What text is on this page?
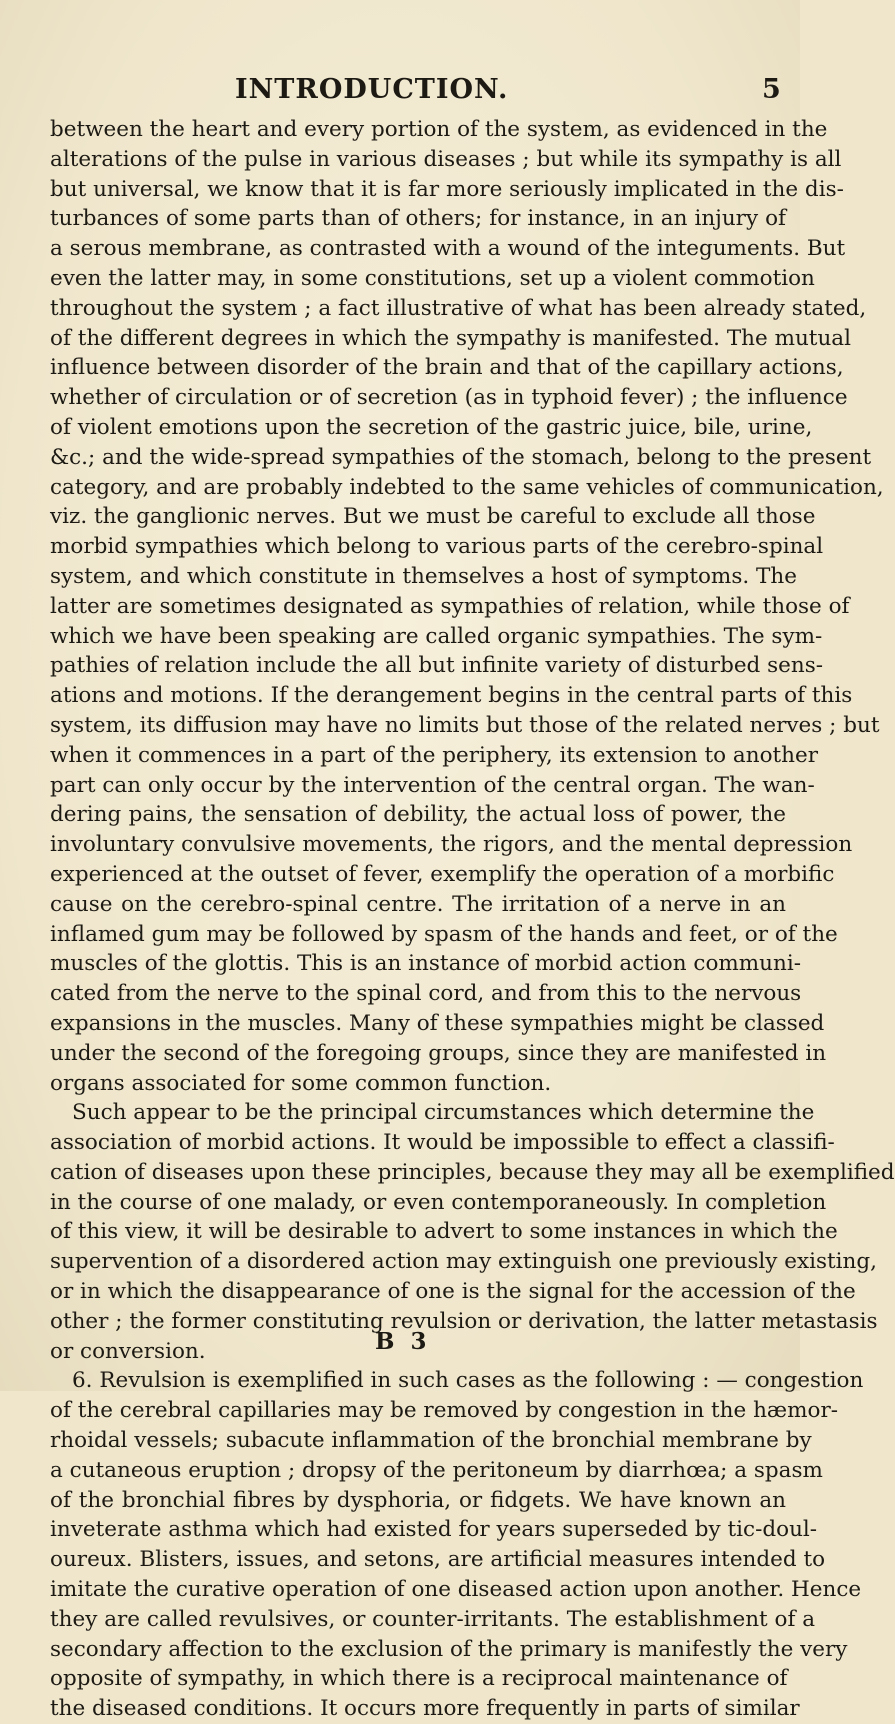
INTRODUCTION.	5
between the heart and every portion of the system, as evidenced in the
alterations of the pulse in various diseases ; but while its sympathy is all
but universal, we know that it is far more seriously implicated in the dis-
turbances of some parts than of others; for instance, in an injury of
a serous membrane, as contrasted with a wound of the integuments. But
even the latter may, in some constitutions, set up a violent commotion
throughout the system ; a fact illustrative of what has been already stated,
of the different degrees in which the sympathy is manifested. The mutual
influence between disorder of the brain and that of the capillary actions,
whether of circulation or of secretion (as in typhoid fever) ; the influence
of violent emotions upon the secretion of the gastric juice, bile, urine,
&c.; and the wide-spread sympathies of the stomach, belong to the present
category, and are probably indebted to the same vehicles of communication,
viz. the ganglionic nerves. But we must be careful to exclude all those
morbid sympathies which belong to various parts of the cerebro-spinal
system, and which constitute in themselves a host of symptoms. The
latter are sometimes designated as sympathies of relation, while those of
which we have been speaking are called organic sympathies. The sym-
pathies of relation include the all but infinite variety of disturbed sens-
ations and motions. If the derangement begins in the central parts of this
system, its diffusion may have no limits but those of the related nerves ; but
when it commences in a part of the periphery, its extension to another
part can only occur by the intervention of the central organ. The wan-
dering pains, the sensation of debility, the actual loss of power, the
involuntary convulsive movements, the rigors, and the mental depression
experienced at the outset of fever, exemplify the operation of a morbific
cause on the cerebro-spinal centre. The irritation of a nerve in an
inflamed gum may be followed by spasm of the hands and feet, or of the
muscles of the glottis. This is an instance of morbid action communi-
cated from the nerve to the spinal cord, and from this to the nervous
expansions in the muscles. Many of these sympathies might be classed
under the second of the foregoing groups, since they are manifested in
organs associated for some common function.
Such appear to be the principal circumstances which determine the
association of morbid actions. It would be impossible to effect a classifi-
cation of diseases upon these principles, because they may all be exemplified
in the course of one malady, or even contemporaneously. In completion
of this view, it will be desirable to advert to some instances in which the
supervention of a disordered action may extinguish one previously existing,
or in which the disappearance of one is the signal for the accession of the
other ; the former constituting revulsion or derivation, the latter metastasis
or conversion.
6. Revulsion is exemplified in such cases as the following : — congestion
of the cerebral capillaries may be removed by congestion in the hæmor-
rhoidal vessels; subacute inflammation of the bronchial membrane by
a cutaneous eruption ; dropsy of the peritoneum by diarrhœa; a spasm
of the bronchial fibres by dysphoria, or fidgets. We have known an
inveterate asthma which had existed for years superseded by tic-doul-
oureux. Blisters, issues, and setons, are artificial measures intended to
imitate the curative operation of one diseased action upon another. Hence
they are called revulsives, or counter-irritants. The establishment of a
secondary affection to the exclusion of the primary is manifestly the very
opposite of sympathy, in which there is a reciprocal maintenance of
the diseased conditions. It occurs more frequently in parts of similar
B 3
